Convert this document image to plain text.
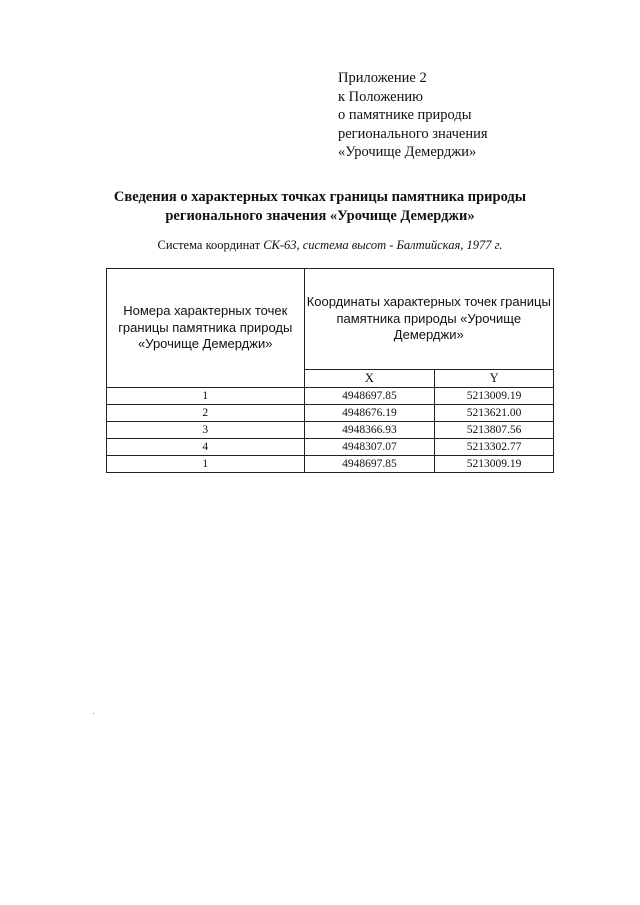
Приложение 2
к Положению
о памятнике природы
регионального значения
«Урочище Демерджи»
Сведения о характерных точках границы памятника природы
регионального значения «Урочище Демерджи»
Система координат СК-63, система высот - Балтийская, 1977 г.
Номера характерных точек границы памятника природы «Урочище Демерджи»	Координаты характерных точек границы памятника природы «Урочище Демерджи»	
	X	Y
1	4948697.85	5213009.19
2	4948676.19	5213621.00
3	4948366.93	5213807.56
4	4948307.07	5213302.77
1	4948697.85	5213009.19
